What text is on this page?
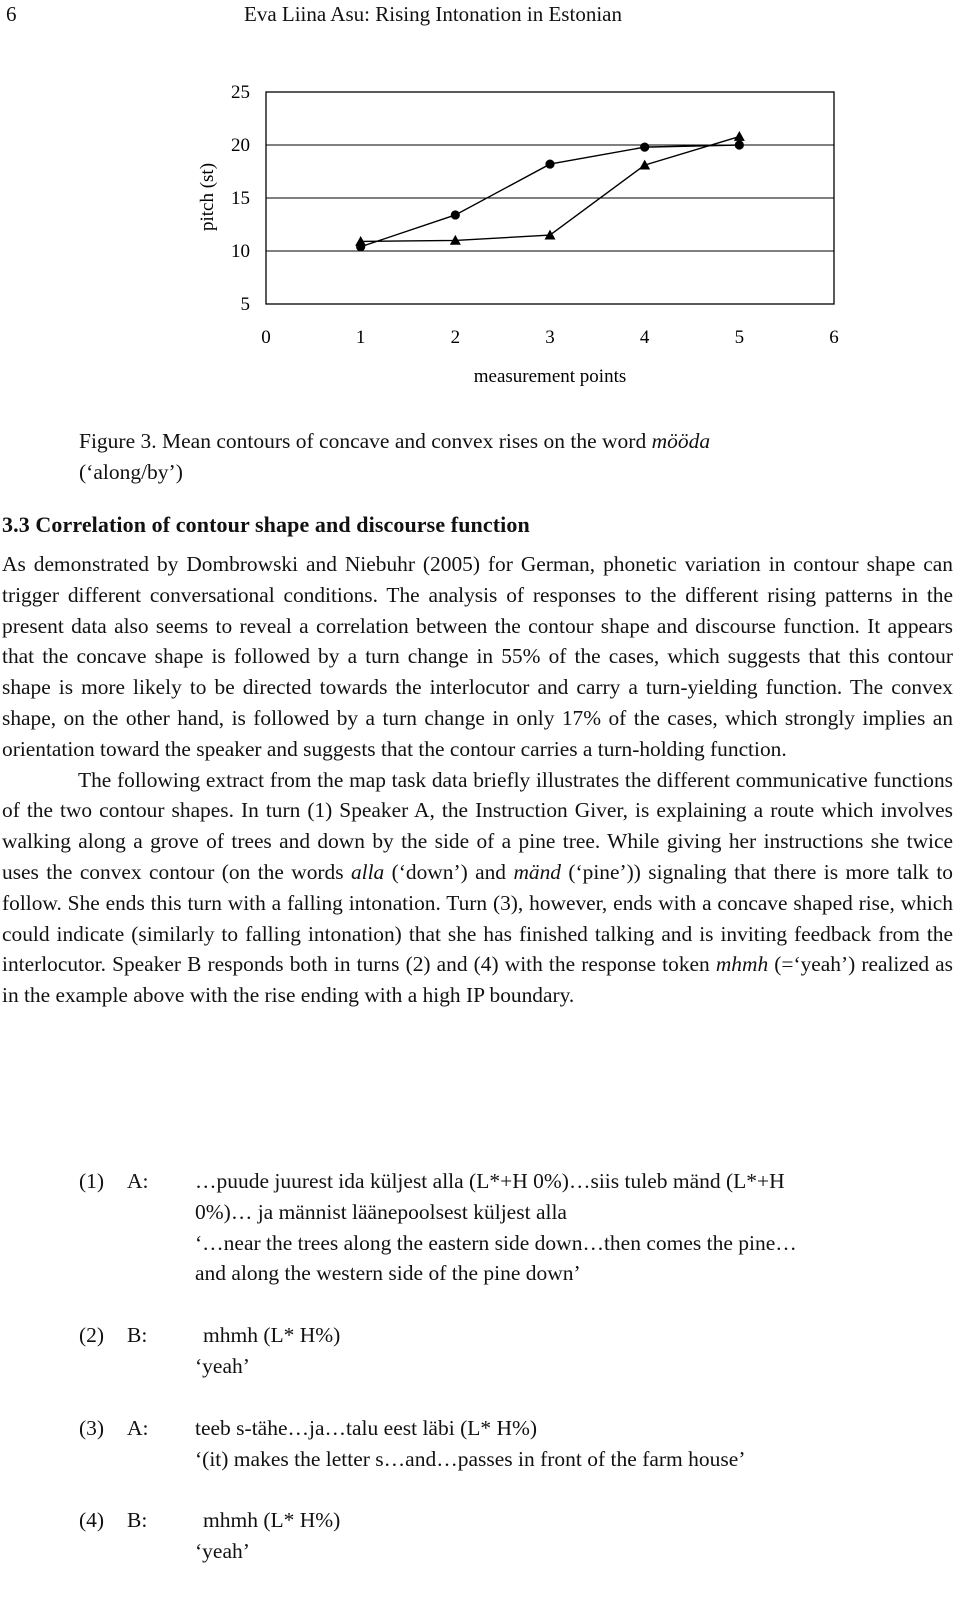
6	Eva Liina Asu: Rising Intonation in Estonian
25
20
15
10
5
0	1	2	3	4	5	6
pitch (st)
measurement points
Figure 3. Mean contours of concave and convex rises on the word mööda
(‘along/by’)
3.3 Correlation of contour shape and discourse function

As demonstrated by Dombrowski and Niebuhr (2005) for German, phonetic variation in contour shape can trigger different conversational conditions. The analysis of responses to the different rising patterns in the present data also seems to reveal a correlation between the contour shape and discourse function. It appears that the concave shape is followed by a turn change in 55% of the cases, which suggests that this contour shape is more likely to be directed towards the interlocutor and carry a turn-yielding function. The convex shape, on the other hand, is followed by a turn change in only 17% of the cases, which strongly implies an orientation toward the speaker and suggests that the contour carries a turn-holding function.

The following extract from the map task data briefly illustrates the different communicative functions of the two contour shapes. In turn (1) Speaker A, the Instruction Giver, is explaining a route which involves walking along a grove of trees and down by the side of a pine tree. While giving her instructions she twice uses the convex contour (on the words alla (‘down’) and mänd (‘pine’)) signaling that there is more talk to follow. She ends this turn with a falling intonation. Turn (3), however, ends with a concave shaped rise, which could indicate (similarly to falling intonation) that she has finished talking and is inviting feedback from the interlocutor. Speaker B responds both in turns (2) and (4) with the response token mhmh (=‘yeah’) realized as in the example above with the rise ending with a high IP boundary.

(1)	A:	…puude juurest ida küljest alla (L*+H 0%)…siis tuleb mänd (L*+H
0%)… ja männist läänepoolsest küljest alla
‘…near the trees along the eastern side down…then comes the pine…
and along the western side of the pine down’
(2)	B:	mhmh (L* H%)
‘yeah’
(3)	A:	teeb s-tähe…ja…talu eest läbi (L* H%)
‘(it) makes the letter s…and…passes in front of the farm house’
(4)	B:	mhmh (L* H%)
‘yeah’
